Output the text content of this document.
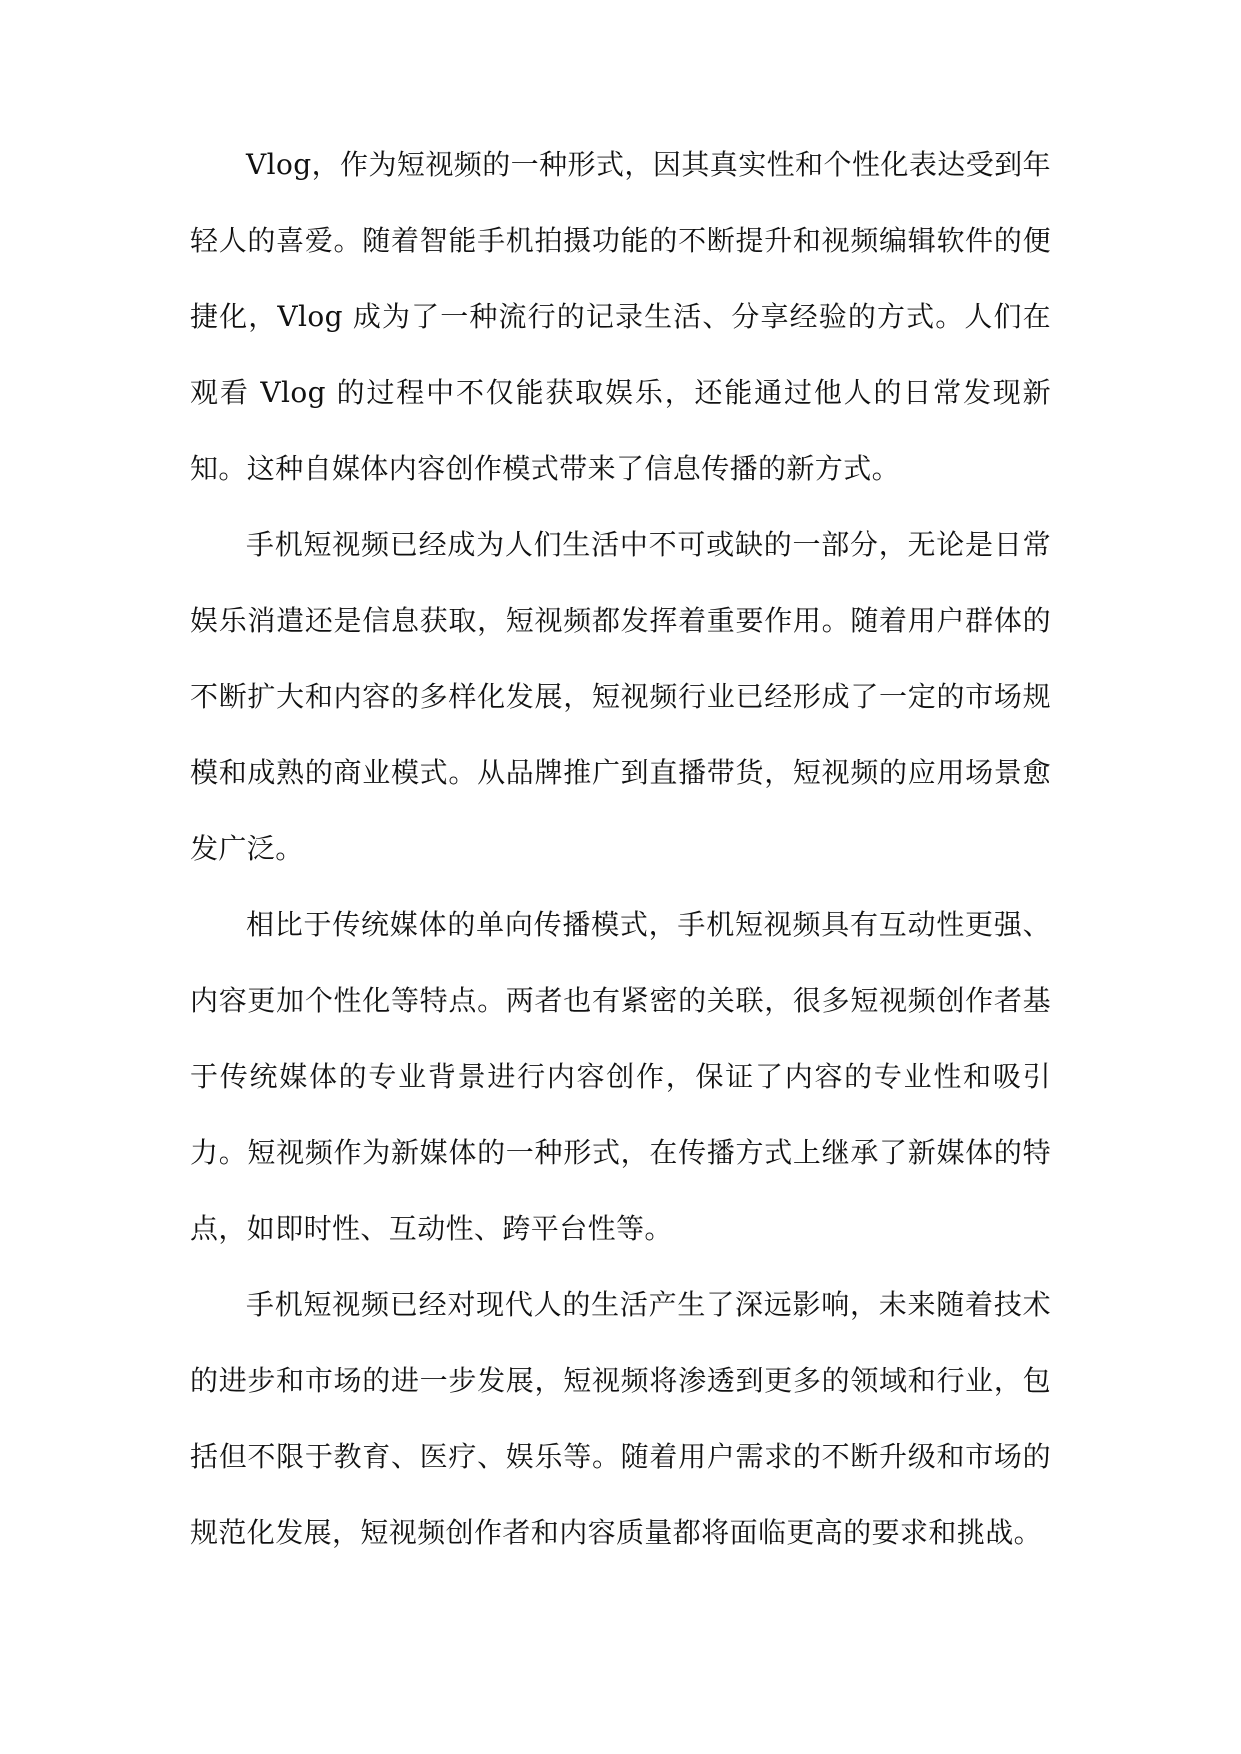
Vlog，作为短视频的一种形式，因其真实性和个性化表达受到年轻人的喜爱。随着智能手机拍摄功能的不断提升和视频编辑软件的便捷化，Vlog 成为了一种流行的记录生活、分享经验的方式。人们在观看 Vlog 的过程中不仅能获取娱乐，还能通过他人的日常发现新知。这种自媒体内容创作模式带来了信息传播的新方式。

手机短视频已经成为人们生活中不可或缺的一部分，无论是日常娱乐消遣还是信息获取，短视频都发挥着重要作用。随着用户群体的不断扩大和内容的多样化发展，短视频行业已经形成了一定的市场规模和成熟的商业模式。从品牌推广到直播带货，短视频的应用场景愈发广泛。

相比于传统媒体的单向传播模式，手机短视频具有互动性更强、内容更加个性化等特点。两者也有紧密的关联，很多短视频创作者基于传统媒体的专业背景进行内容创作，保证了内容的专业性和吸引力。短视频作为新媒体的一种形式，在传播方式上继承了新媒体的特点，如即时性、互动性、跨平台性等。

手机短视频已经对现代人的生活产生了深远影响，未来随着技术的进步和市场的进一步发展，短视频将渗透到更多的领域和行业，包括但不限于教育、医疗、娱乐等。随着用户需求的不断升级和市场的规范化发展，短视频创作者和内容质量都将面临更高的要求和挑战。
